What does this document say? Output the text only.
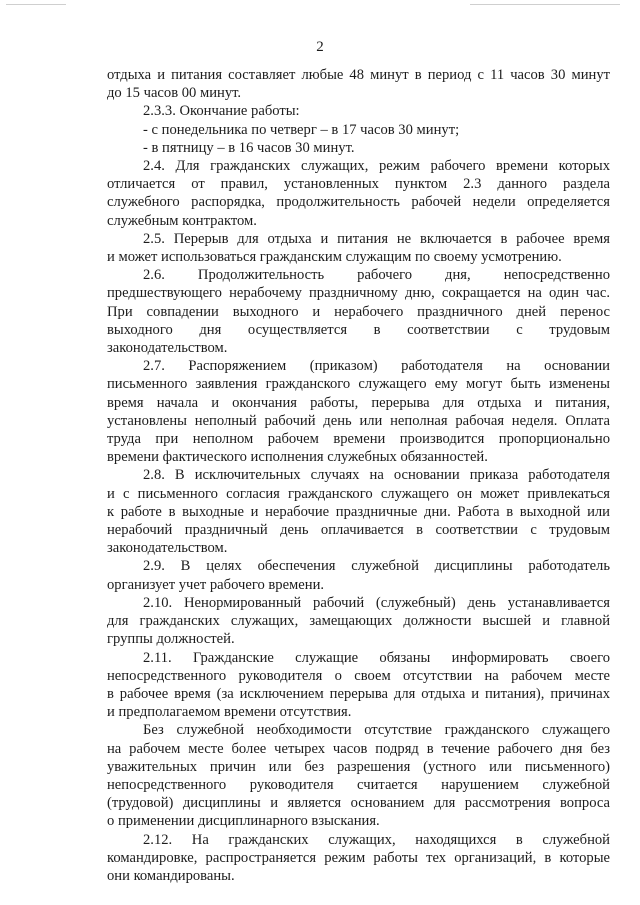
2
отдыха и питания составляет любые 48 минут в период с 11 часов 30 минут
до 15 часов 00 минут.
2.3.3. Окончание работы:
- с понедельника по четверг – в 17 часов 30 минут;
- в пятницу – в 16 часов 30 минут.
2.4. Для гражданских служащих, режим рабочего времени которых
отличается от правил, установленных пунктом 2.3 данного раздела
служебного распорядка, продолжительность рабочей недели определяется
служебным контрактом.
2.5. Перерыв для отдыха и питания не включается в рабочее время
и может использоваться гражданским служащим по своему усмотрению.
2.6. Продолжительность рабочего дня, непосредственно
предшествующего нерабочему праздничному дню, сокращается на один час.
При совпадении выходного и нерабочего праздничного дней перенос
выходного дня осуществляется в соответствии с трудовым
законодательством.
2.7. Распоряжением (приказом) работодателя на основании
письменного заявления гражданского служащего ему могут быть изменены
время начала и окончания работы, перерыва для отдыха и питания,
установлены неполный рабочий день или неполная рабочая неделя. Оплата
труда при неполном рабочем времени производится пропорционально
времени фактического исполнения служебных обязанностей.
2.8. В исключительных случаях на основании приказа работодателя
и с письменного согласия гражданского служащего он может привлекаться
к работе в выходные и нерабочие праздничные дни. Работа в выходной или
нерабочий праздничный день оплачивается в соответствии с трудовым
законодательством.
2.9. В целях обеспечения служебной дисциплины работодатель
организует учет рабочего времени.
2.10. Ненормированный рабочий (служебный) день устанавливается
для гражданских служащих, замещающих должности высшей и главной
группы должностей.
2.11. Гражданские служащие обязаны информировать своего
непосредственного руководителя о своем отсутствии на рабочем месте
в рабочее время (за исключением перерыва для отдыха и питания), причинах
и предполагаемом времени отсутствия.
Без служебной необходимости отсутствие гражданского служащего
на рабочем месте более четырех часов подряд в течение рабочего дня без
уважительных причин или без разрешения (устного или письменного)
непосредственного руководителя считается нарушением служебной
(трудовой) дисциплины и является основанием для рассмотрения вопроса
о применении дисциплинарного взыскания.
2.12. На гражданских служащих, находящихся в служебной
командировке, распространяется режим работы тех организаций, в которые
они командированы.
